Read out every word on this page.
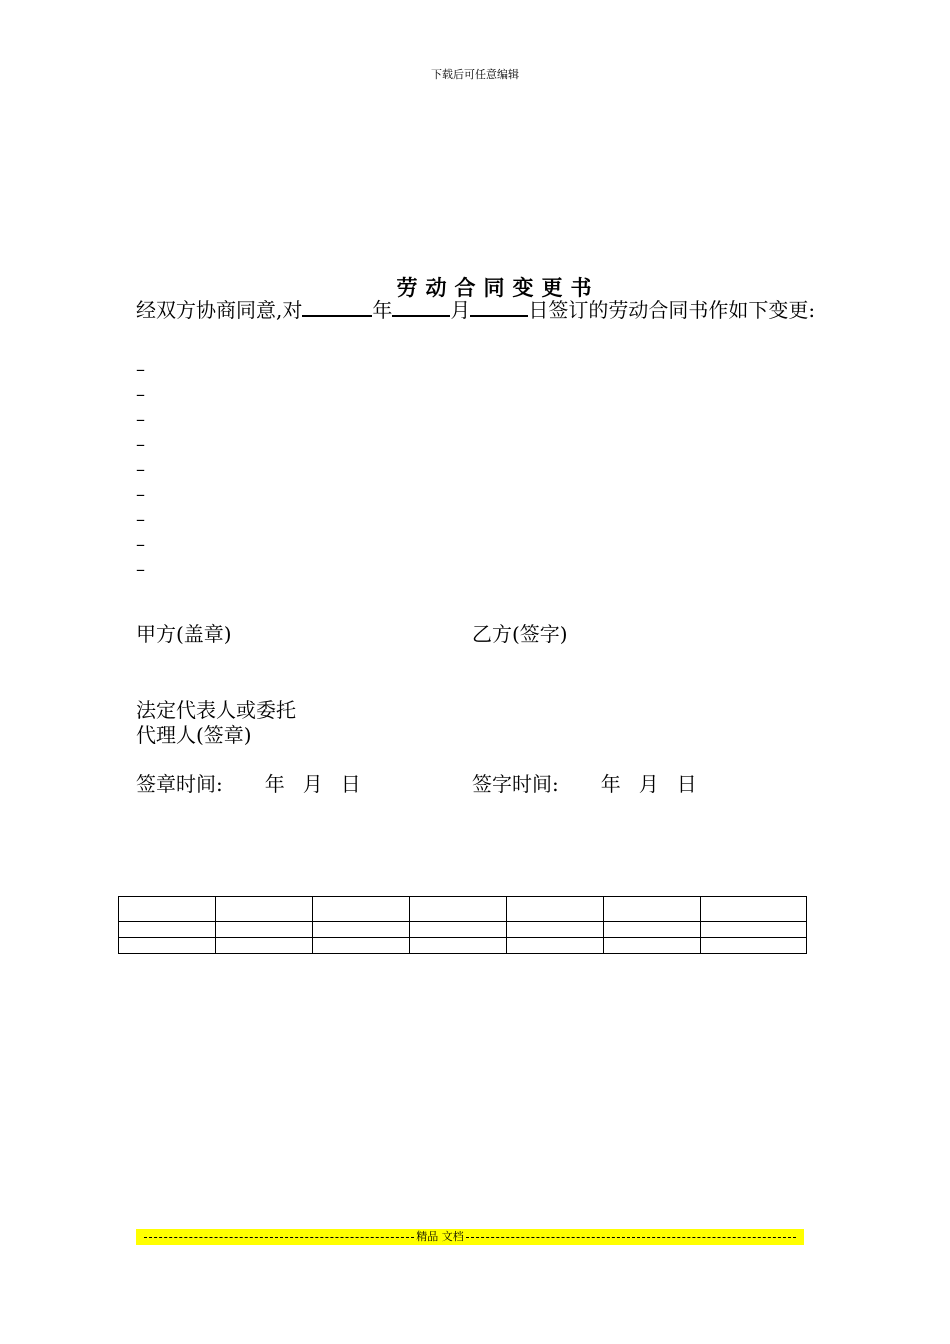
下载后可任意编辑
劳动合同变更书
经双方协商同意,对	年	月	日签订的劳动合同书作如下变更:
–
–
–
–
–
–
–
–
–
甲方(盖章)	乙方(签字)
法定代表人或委托
代理人(签章)
签章时间: 年 月 日	签字时间: 年 月 日

精品 文档
